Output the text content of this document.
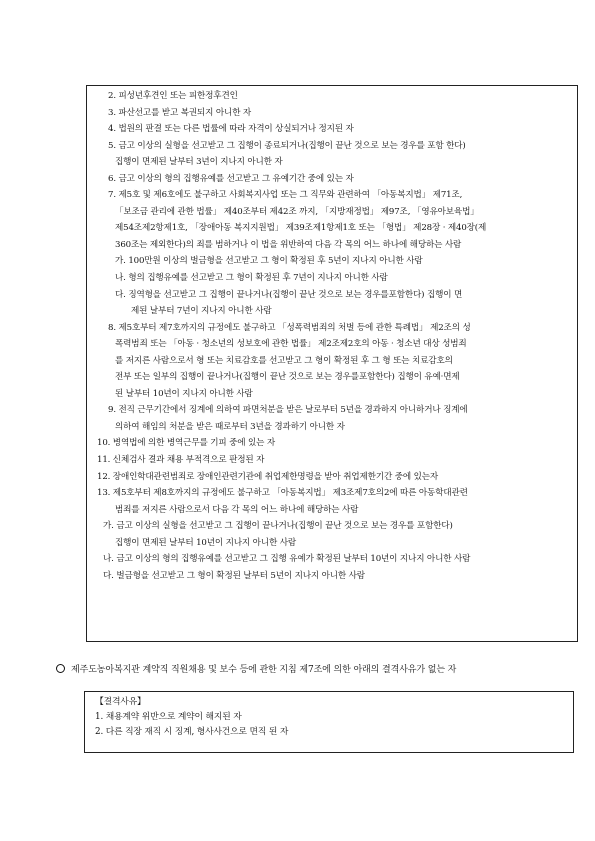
2. 피성년후견인 또는 피한정후견인
3. 파산선고를 받고 복권되지 아니한 자
4. 법원의 판결 또는 다른 법률에 따라 자격이 상실되거나 정지된 자
5. 금고 이상의 실형을 선고받고 그 집행이 종료되거나(집행이 끝난 것으로 보는 경우를 포함 한다)
집행이 면제된 날부터 3년이 지나지 아니한 자
6. 금고 이상의 형의 집행유예를 선고받고 그 유예기간 중에 있는 자
7. 제5호 및 제6호에도 불구하고 사회복지사업 또는 그 직무와 관련하여 「아동복지법」 제71조,
「보조금 관리에 관한 법률」 제40조부터 제42조 까지, 「지방재정법」 제97조, 「영유아보육법」
제54조제2항제1호, 「장애아동 복지지원법」 제39조제1항제1호 또는 「형법」 제28장 · 제40장(제
360조는 제외한다)의 죄를 범하거나 이 법을 위반하여 다음 각 목의 어느 하나에 해당하는 사람
가. 100만원 이상의 벌금형을 선고받고 그 형이 확정된 후 5년이 지나지 아니한 사람
나. 형의 집행유예를 선고받고 그 형이 확정된 후 7년이 지나지 아니한 사람
다. 징역형을 선고받고 그 집행이 끝나거나(집행이 끝난 것으로 보는 경우를포함한다) 집행이 면
제된 날부터 7년이 지나지 아니한 사람
8. 제5호부터 제7호까지의 규정에도 불구하고 「성폭력범죄의 처벌 등에 관한 특례법」 제2조의 성
폭력범죄 또는 「아동 · 청소년의 성보호에 관한 법률」 제2조제2호의 아동 · 청소년 대상 성범죄
를 저지른 사람으로서 형 또는 치료감호를 선고받고 그 형이 확정된 후 그 형 또는 치료감호의
전부 또는 일부의 집행이 끝나거나(집행이 끝난 것으로 보는 경우를포함한다) 집행이 유예·면제
된 날부터 10년이 지나지 아니한 사람
9. 전직 근무기간에서 징계에 의하여 파면처분을 받은 날로부터 5년을 경과하지 아니하거나 징계에
의하여 해임의 처분을 받은 때로부터 3년을 경과하기 아니한 자
10. 병역법에 의한 병역근무를 기피 중에 있는 자
11. 신체검사 결과 채용 부적격으로 판정된 자
12. 장애인학대관련범죄로 장애인관련기관에 취업제한명령을 받아 취업제한기간 중에 있는자
13. 제5호부터 제8호까지의 규정에도 불구하고 「아동복지법」 제3조제7호의2에 따른 아동학대관련
범죄를 저지른 사람으로서 다음 각 목의 어느 하나에 해당하는 사람
가. 금고 이상의 실형을 선고받고 그 집행이 끝나거나(집행이 끝난 것으로 보는 경우를 포함한다)
집행이 면제된 날부터 10년이 지나지 아니한 사람
나. 금고 이상의 형의 집행유예를 선고받고 그 집행 유예가 확정된 날부터 10년이 지나지 아니한 사람
다. 벌금형을 선고받고 그 형이 확정된 날부터 5년이 지나지 아니한 사람
제주도농아복지관 계약직 직원채용 및 보수 등에 관한 지침 제7조에 의한 아래의 결격사유가 없는 자
【결격사유】
1. 채용계약 위반으로 계약이 해지된 자
2. 다른 직장 재직 시 징계, 형사사건으로 면직 된 자
